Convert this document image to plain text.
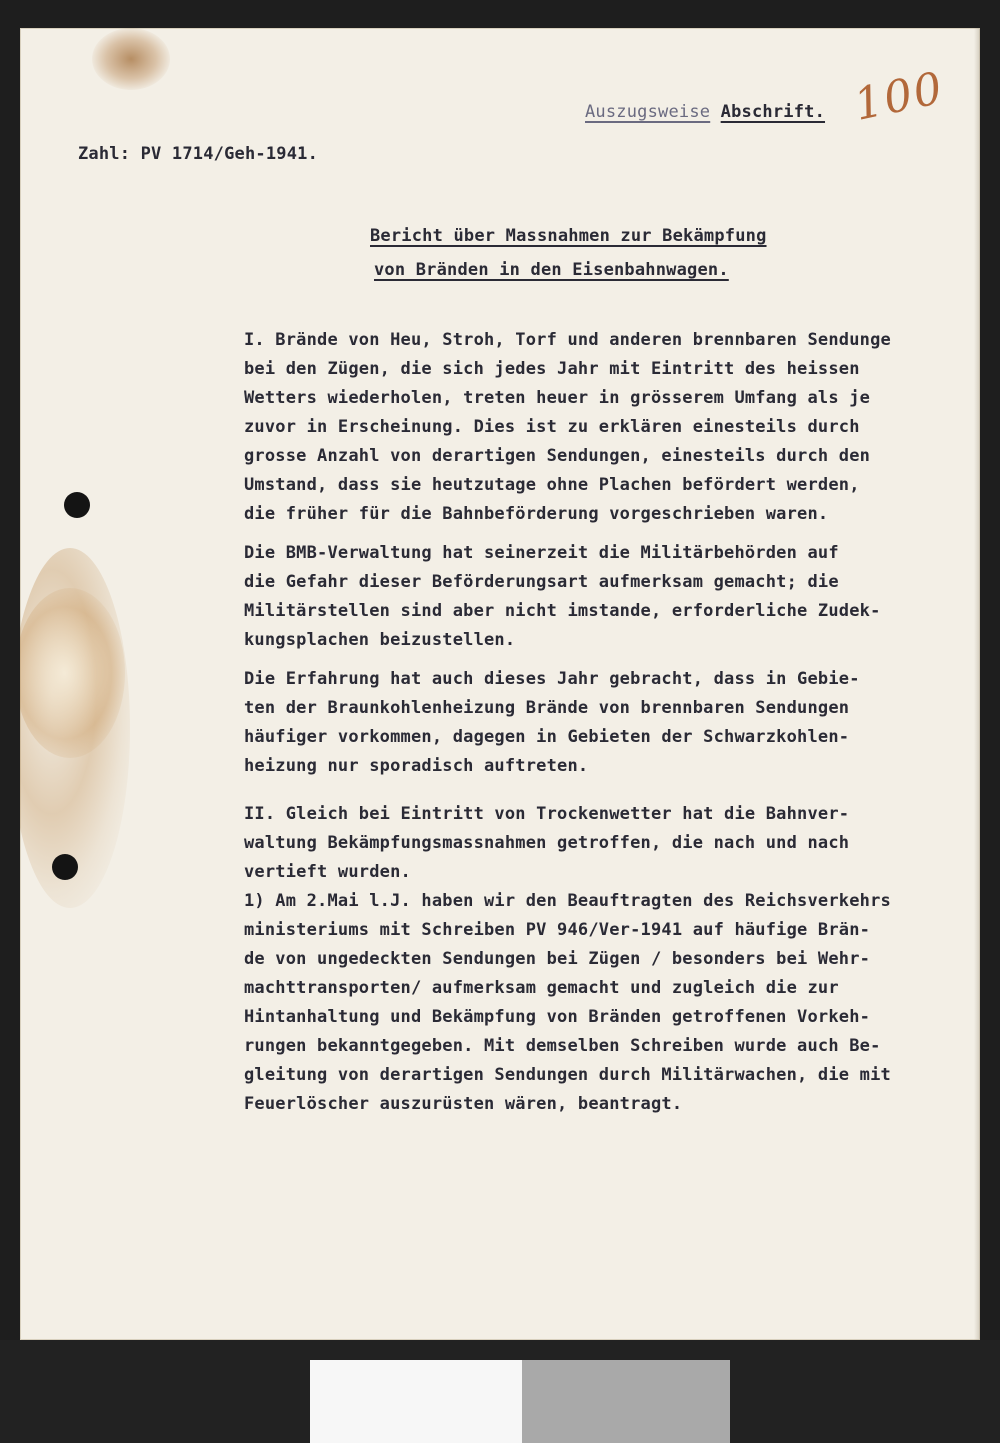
100
Auszugsweise Abschrift.
Zahl: PV 1714/Geh-1941.
Bericht über Massnahmen zur Bekämpfung
von Bränden in den Eisenbahnwagen.
I. Brände von Heu, Stroh, Torf und anderen brennbaren Sendunge
bei den Zügen, die sich jedes Jahr mit Eintritt des heissen
Wetters wiederholen, treten heuer in grösserem Umfang als je
zuvor in Erscheinung. Dies ist zu erklären einesteils durch
grosse Anzahl von derartigen Sendungen, einesteils durch den
Umstand, dass sie heutzutage ohne Plachen befördert werden,
die früher für die Bahnbeförderung vorgeschrieben waren.
Die BMB-Verwaltung hat seinerzeit die Militärbehörden auf
die Gefahr dieser Beförderungsart aufmerksam gemacht; die
Militärstellen sind aber nicht imstande, erforderliche Zudek-
kungsplachen beizustellen.
Die Erfahrung hat auch dieses Jahr gebracht, dass in Gebie-
ten der Braunkohlenheizung Brände von brennbaren Sendungen
häufiger vorkommen, dagegen in Gebieten der Schwarzkohlen-
heizung nur sporadisch auftreten.
II. Gleich bei Eintritt von Trockenwetter hat die Bahnver-
waltung Bekämpfungsmassnahmen getroffen, die nach und nach
vertieft wurden.
1) Am 2.Mai l.J. haben wir den Beauftragten des Reichsverkehrs
ministeriums mit Schreiben PV 946/Ver-1941 auf häufige Brän-
de von ungedeckten Sendungen bei Zügen / besonders bei Wehr-
machttransporten/ aufmerksam gemacht und zugleich die zur
Hintanhaltung und Bekämpfung von Bränden getroffenen Vorkeh-
rungen bekanntgegeben. Mit demselben Schreiben wurde auch Be-
gleitung von derartigen Sendungen durch Militärwachen, die mit
Feuerlöscher auszurüsten wären, beantragt.
